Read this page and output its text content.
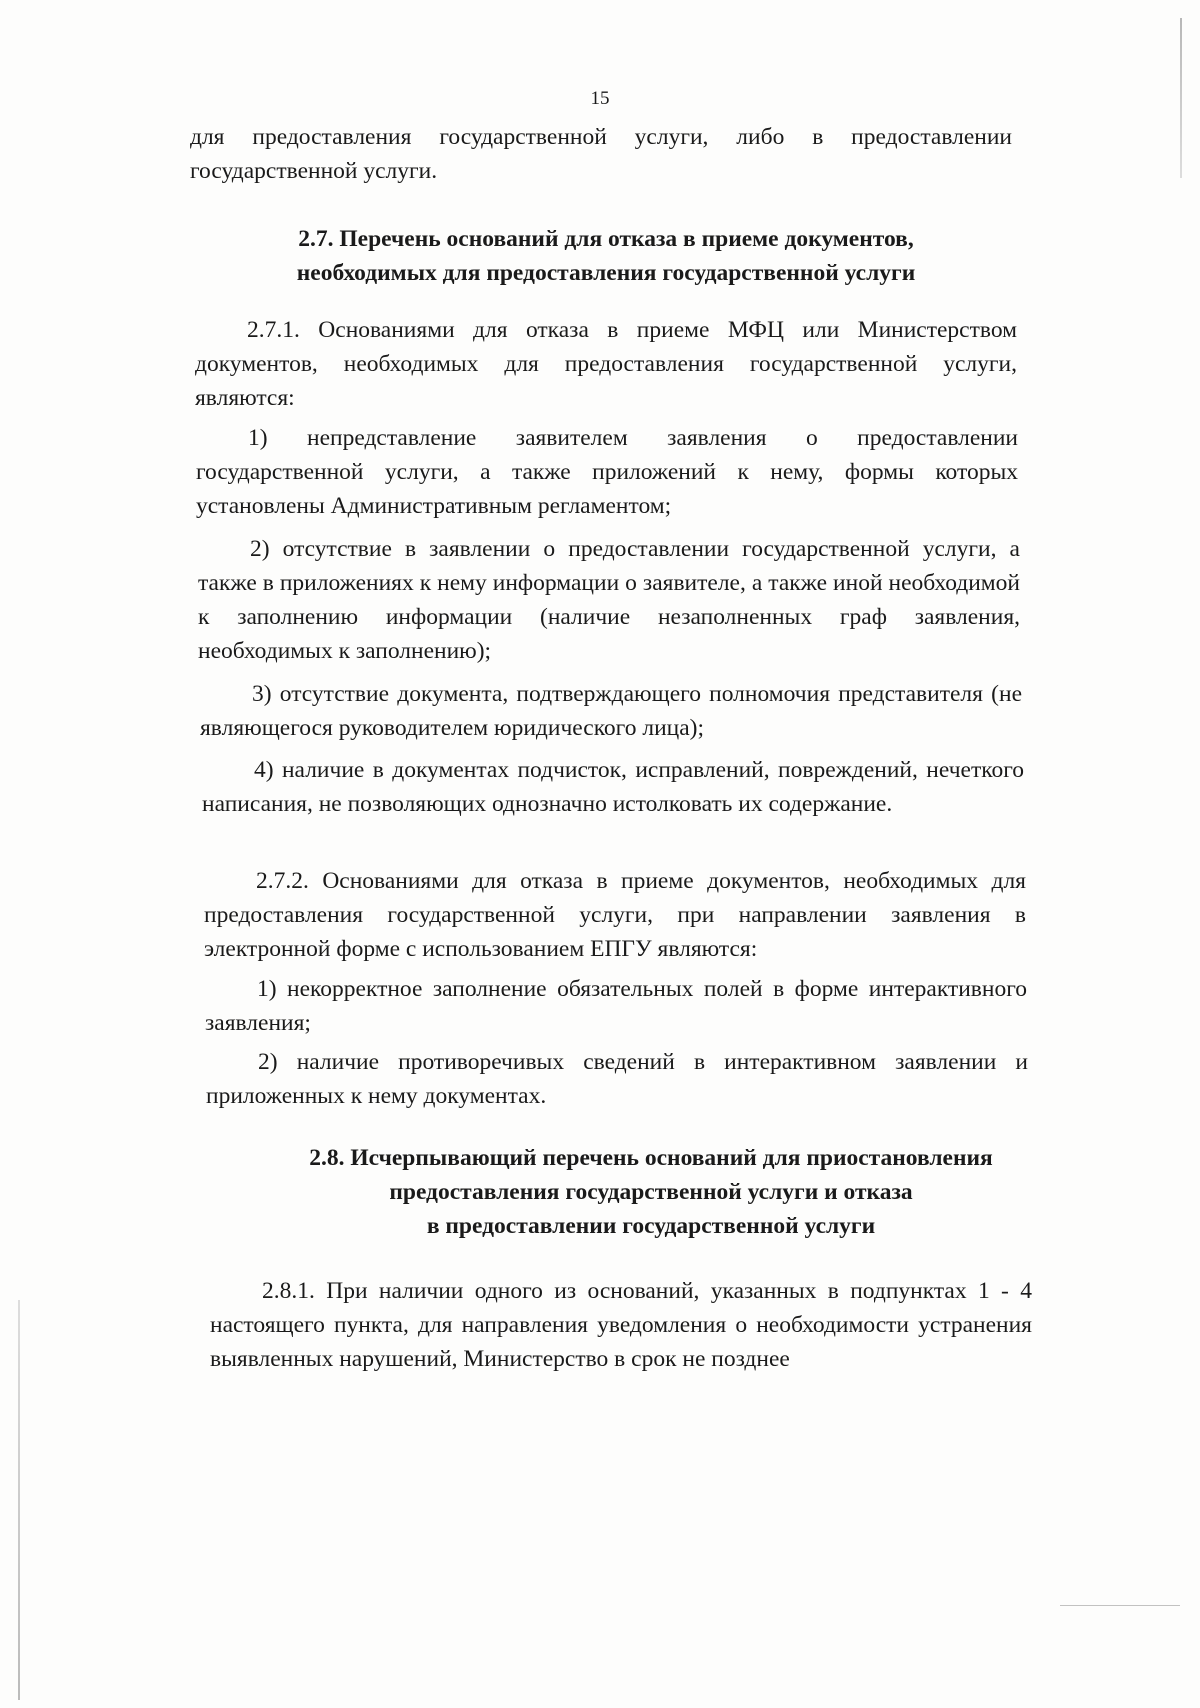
15
для предоставления государственной услуги, либо в предоставлении государственной услуги.
2.7. Перечень оснований для отказа в приеме документов,
необходимых для предоставления государственной услуги
2.7.1. Основаниями для отказа в приеме МФЦ или Министерством документов, необходимых для предоставления государственной услуги, являются:
1) непредставление заявителем заявления о предоставлении государственной услуги, а также приложений к нему, формы которых установлены Административным регламентом;
2) отсутствие в заявлении о предоставлении государственной услуги, а также в приложениях к нему информации о заявителе, а также иной необходимой к заполнению информации (наличие незаполненных граф заявления, необходимых к заполнению);
3) отсутствие документа, подтверждающего полномочия представителя (не являющегося руководителем юридического лица);
4) наличие в документах подчисток, исправлений, повреждений, нечеткого написания, не позволяющих однозначно истолковать их содержание.
2.7.2. Основаниями для отказа в приеме документов, необходимых для предоставления государственной услуги, при направлении заявления в электронной форме с использованием ЕПГУ являются:
1) некорректное заполнение обязательных полей в форме интерактивного заявления;
2) наличие противоречивых сведений в интерактивном заявлении и приложенных к нему документах.
2.8. Исчерпывающий перечень оснований для приостановления
предоставления государственной услуги и отказа
в предоставлении государственной услуги
2.8.1. При наличии одного из оснований, указанных в подпунктах 1 - 4 настоящего пункта, для направления уведомления о необходимости устранения выявленных нарушений, Министерство в срок не позднее
